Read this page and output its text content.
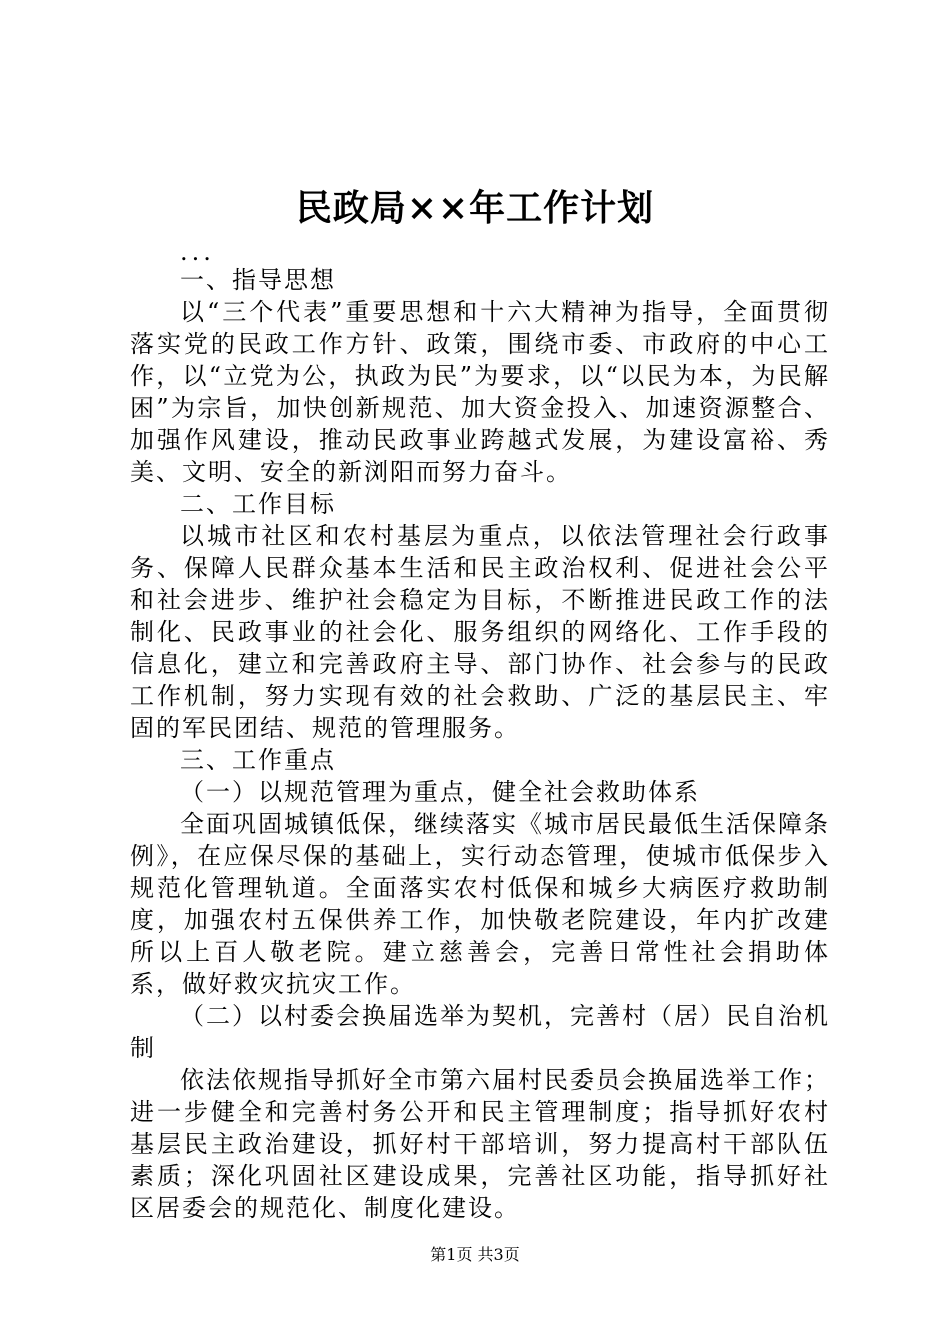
民政局××年工作计划

...

一、指导思想

以“三个代表”重要思想和十六大精神为指导，全面贯彻落实党的民政工作方针、政策，围绕市委、市政府的中心工作，以“立党为公，执政为民”为要求，以“以民为本，为民解困”为宗旨，加快创新规范、加大资金投入、加速资源整合、加强作风建设，推动民政事业跨越式发展，为建设富裕、秀美、文明、安全的新浏阳而努力奋斗。

二、工作目标

以城市社区和农村基层为重点，以依法管理社会行政事务、保障人民群众基本生活和民主政治权利、促进社会公平和社会进步、维护社会稳定为目标，不断推进民政工作的法制化、民政事业的社会化、服务组织的网络化、工作手段的信息化，建立和完善政府主导、部门协作、社会参与的民政工作机制，努力实现有效的社会救助、广泛的基层民主、牢固的军民团结、规范的管理服务。

三、工作重点

（一）以规范管理为重点，健全社会救助体系

全面巩固城镇低保，继续落实《城市居民最低生活保障条例》，在应保尽保的基础上，实行动态管理，使城市低保步入规范化管理轨道。全面落实农村低保和城乡大病医疗救助制度，加强农村五保供养工作，加快敬老院建设，年内扩改建所以上百人敬老院。建立慈善会，完善日常性社会捐助体系，做好救灾抗灾工作。

（二）以村委会换届选举为契机，完善村（居）民自治机制

依法依规指导抓好全市第六届村民委员会换届选举工作；进一步健全和完善村务公开和民主管理制度；指导抓好农村基层民主政治建设，抓好村干部培训，努力提高村干部队伍素质；深化巩固社区建设成果，完善社区功能，指导抓好社区居委会的规范化、制度化建设。

第1页 共3页
